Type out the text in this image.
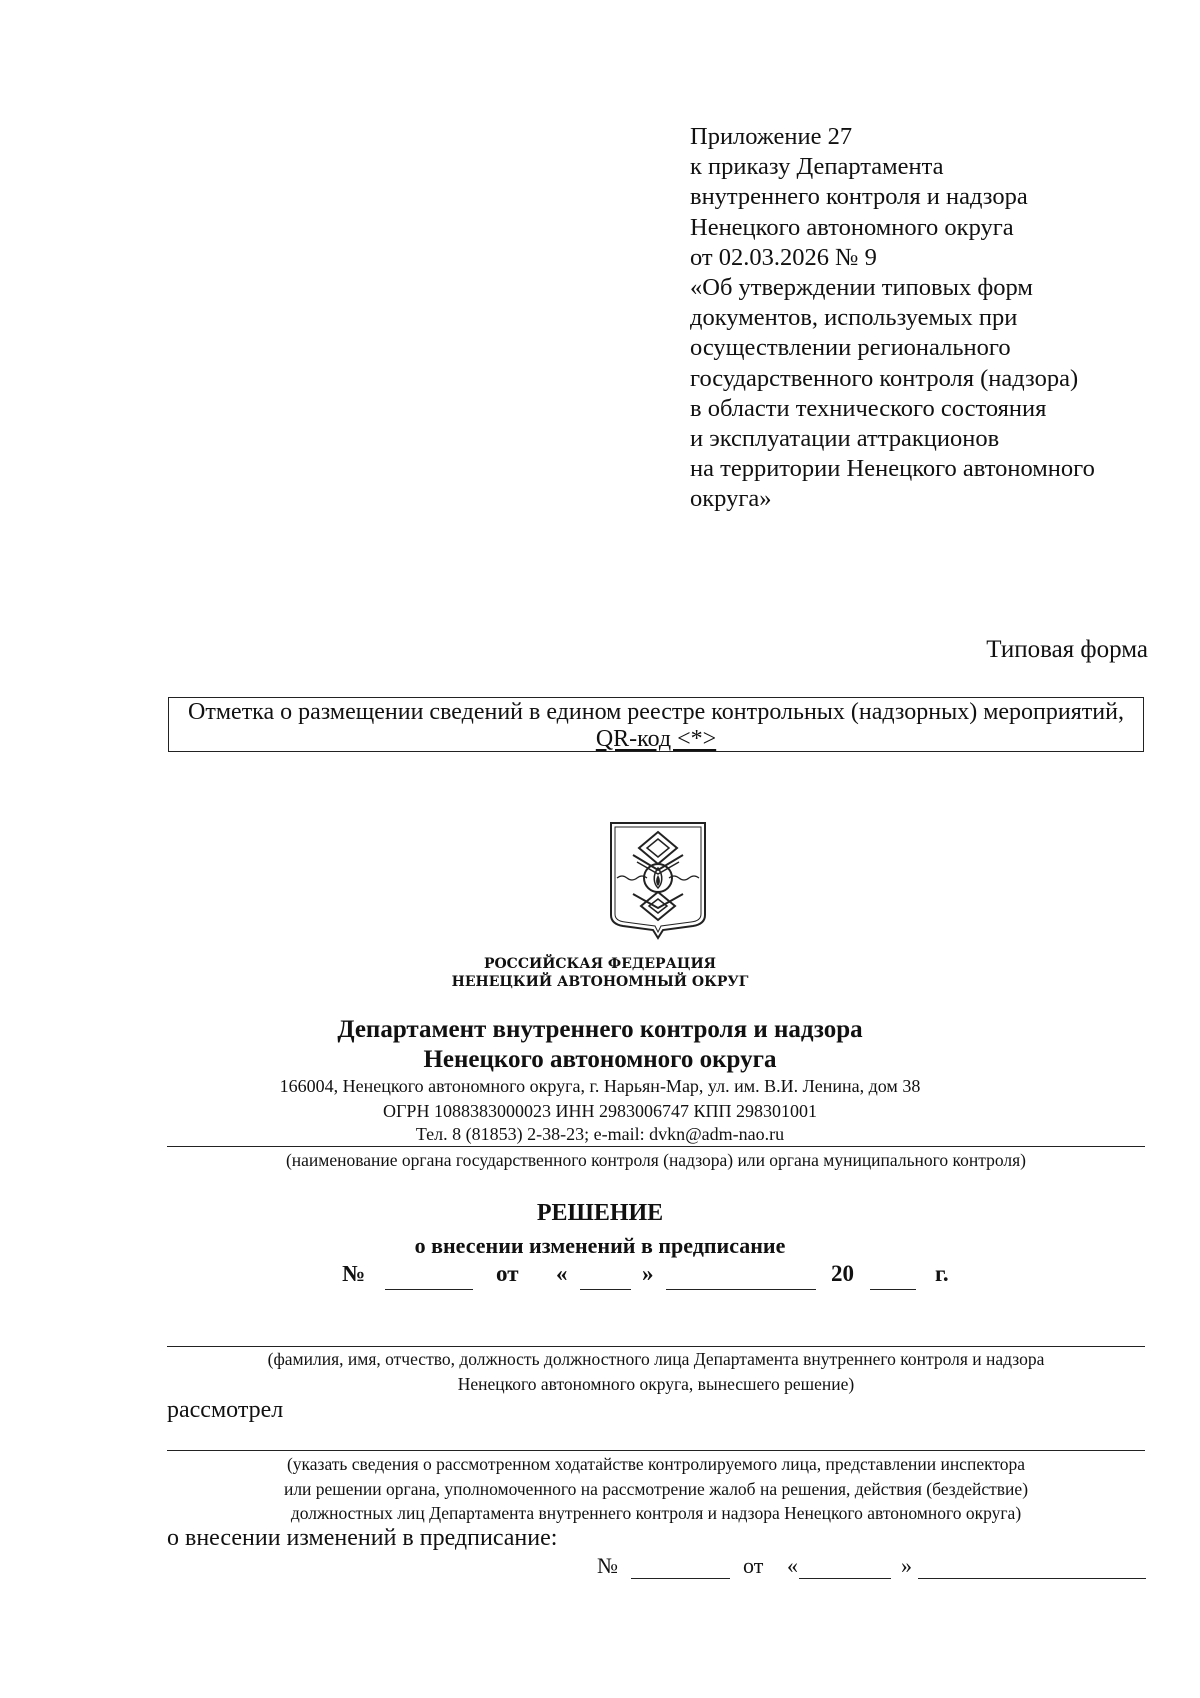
Приложение 27
к приказу Департамента
внутреннего контроля и надзора
Ненецкого автономного округа
от 02.03.2026 № 9
«Об утверждении типовых форм
документов, используемых при
осуществлении регионального
государственного контроля (надзора)
в области технического состояния
и эксплуатации аттракционов
на территории Ненецкого автономного
округа»
Типовая форма
Отметка о размещении сведений в едином реестре контрольных (надзорных) мероприятий,
QR-код <*>
РОССИЙСКАЯ ФЕДЕРАЦИЯ
НЕНЕЦКИЙ АВТОНОМНЫЙ ОКРУГ
Департамент внутреннего контроля и надзора
Ненецкого автономного округа
166004, Ненецкого автономного округа, г. Нарьян-Мар, ул. им. В.И. Ленина, дом 38
ОГРН 1088383000023 ИНН 2983006747 КПП 298301001
Тел. 8 (81853) 2-38-23; e-mail: dvkn@adm-nao.ru
(наименование органа государственного контроля (надзора) или органа муниципального контроля)
РЕШЕНИЕ
о внесении изменений в предписание
№	от «	»	20	г.
(фамилия, имя, отчество, должность должностного лица Департамента внутреннего контроля и надзора
Ненецкого автономного округа, вынесшего решение)
рассмотрел
(указать сведения о рассмотренном ходатайстве контролируемого лица, представлении инспектора
или решении органа, уполномоченного на рассмотрение жалоб на решения, действия (бездействие)
должностных лиц Департамента внутреннего контроля и надзора Ненецкого автономного округа)
о внесении изменений в предписание:
№	от «	»
